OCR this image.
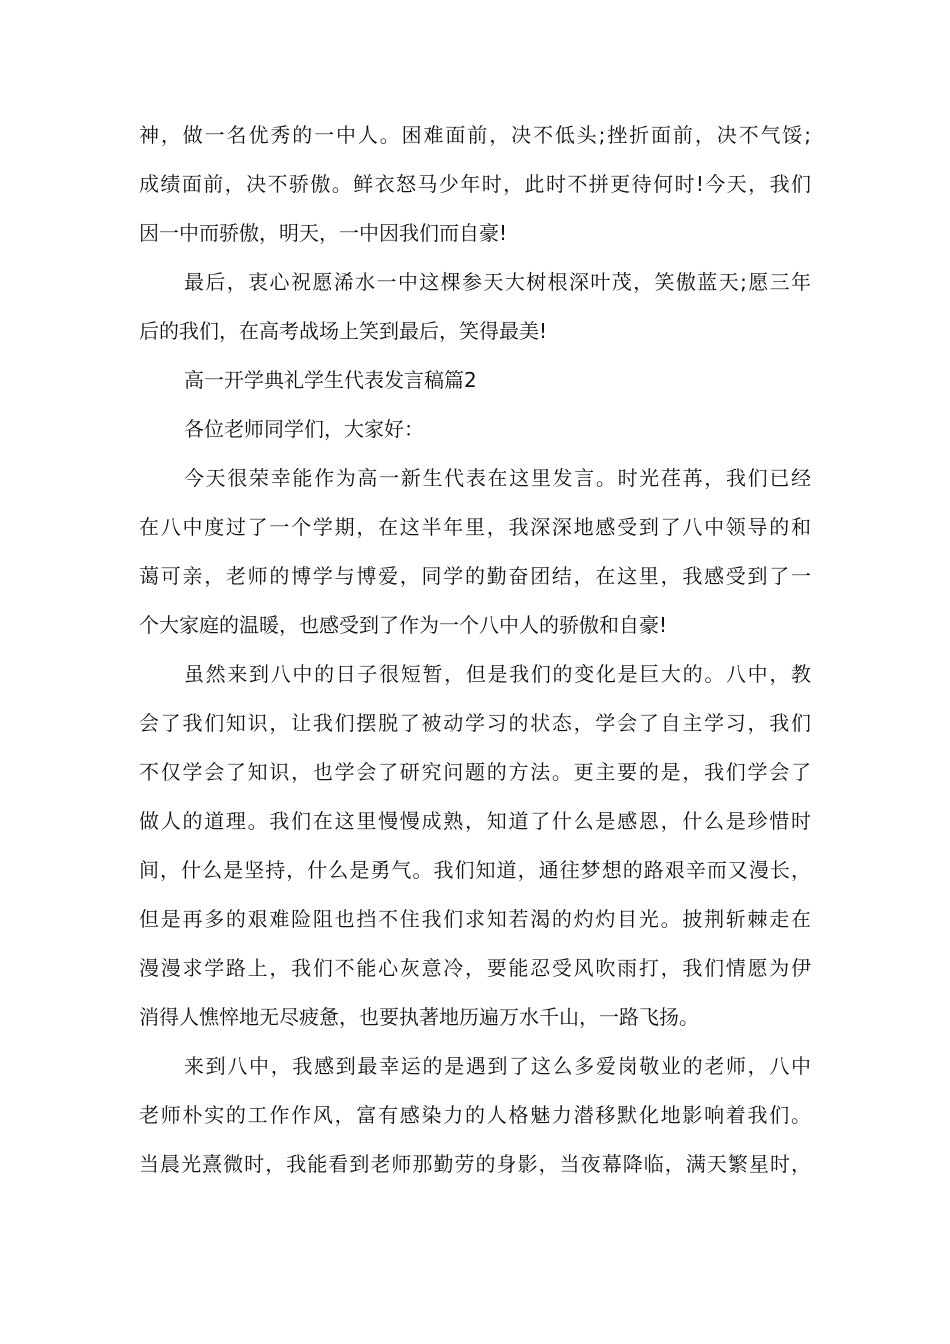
神，做一名优秀的一中人。困难面前，决不低头;挫折面前，决不气馁;
成绩面前，决不骄傲。鲜衣怒马少年时，此时不拼更待何时!今天，我们
因一中而骄傲，明天，一中因我们而自豪!
最后，衷心祝愿浠水一中这棵参天大树根深叶茂，笑傲蓝天;愿三年
后的我们，在高考战场上笑到最后，笑得最美!
高一开学典礼学生代表发言稿篇2
各位老师同学们，大家好：
今天很荣幸能作为高一新生代表在这里发言。时光荏苒，我们已经
在八中度过了一个学期，在这半年里，我深深地感受到了八中领导的和
蔼可亲，老师的博学与博爱，同学的勤奋团结，在这里，我感受到了一
个大家庭的温暖，也感受到了作为一个八中人的骄傲和自豪!
虽然来到八中的日子很短暂，但是我们的变化是巨大的。八中，教
会了我们知识，让我们摆脱了被动学习的状态，学会了自主学习，我们
不仅学会了知识，也学会了研究问题的方法。更主要的是，我们学会了
做人的道理。我们在这里慢慢成熟，知道了什么是感恩，什么是珍惜时
间，什么是坚持，什么是勇气。我们知道，通往梦想的路艰辛而又漫长，
但是再多的艰难险阻也挡不住我们求知若渴的灼灼目光。披荆斩棘走在
漫漫求学路上，我们不能心灰意冷，要能忍受风吹雨打，我们情愿为伊
消得人憔悴地无尽疲惫，也要执著地历遍万水千山，一路飞扬。
来到八中，我感到最幸运的是遇到了这么多爱岗敬业的老师，八中
老师朴实的工作作风，富有感染力的人格魅力潜移默化地影响着我们。
当晨光熹微时，我能看到老师那勤劳的身影，当夜幕降临，满天繁星时，
